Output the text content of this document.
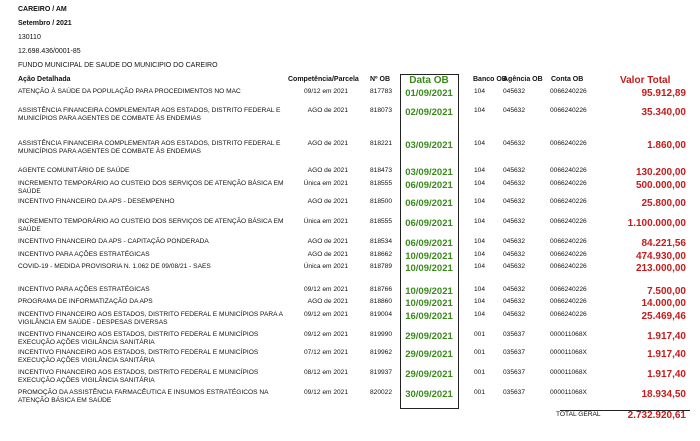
CAREIRO / AM
Setembro / 2021
130110
12.698.436/0001-85
FUNDO MUNICIPAL DE SAUDE DO MUNICIPIO DO CAREIRO
Ação Detalhada	Competência/Parcela Nº OB	Data OB	Banco OB
Agência OB Conta OB	Valor Total
ATENÇÃO À SAÚDE DA POPULAÇÃO PARA PROCEDIMENTOS NO MAC	09/12 em 2021	817783 01/09/2021	104	045632	0066240226	95.912,89
ASSISTÊNCIA FINANCEIRA COMPLEMENTAR AOS ESTADOS, DISTRITO FEDERAL E MUNICÍPIOS PARA AGENTES DE COMBATE ÀS ENDEMIAS
AGO de 2021	818073 02/09/2021	104	045632	0066240226	35.340,00
ASSISTÊNCIA FINANCEIRA COMPLEMENTAR AOS ESTADOS, DISTRITO FEDERAL E MUNICÍPIOS PARA AGENTES DE COMBATE ÀS ENDEMIAS
AGO de 2021	818221 03/09/2021	104	045632	0066240226	1.860,00
AGENTE COMUNITÁRIO DE SAÚDE	AGO de 2021	818473 03/09/2021	104	045632	0066240226	130.200,00
INCREMENTO TEMPORÁRIO AO CUSTEIO DOS SERVIÇOS DE ATENÇÃO BÁSICA EM SAÚDE
Única em 2021	818555 06/09/2021	104	045632	0066240226	500.000,00
INCENTIVO FINANCEIRO DA APS - DESEMPENHO	AGO de 2021	818500 06/09/2021	104	045632	0066240226	25.800,00
INCREMENTO TEMPORÁRIO AO CUSTEIO DOS SERVIÇOS DE ATENÇÃO BÁSICA EM SAÚDE
Única em 2021	818555 06/09/2021	104	045632	0066240226	1.100.000,00
INCENTIVO FINANCEIRO DA APS - CAPITAÇÃO PONDERADA	AGO de 2021	818534 06/09/2021	104	045632	0066240226	84.221,56
INCENTIVO PARA AÇÕES ESTRATÉGICAS	AGO de 2021	818662 10/09/2021	104	045632	0066240226	474.930,00
COVID-19 - MEDIDA PROVISORIA N. 1.062 DE 09/08/21 - SAES	Única em 2021	818789 10/09/2021	104	045632	0066240226	213.000,00
INCENTIVO PARA AÇÕES ESTRATÉGICAS	09/12 em 2021	818766 10/09/2021	104	045632	0066240226	7.500,00
PROGRAMA DE INFORMATIZAÇÃO DA APS	AGO de 2021	818860 10/09/2021	104	045632	0066240226	14.000,00
INCENTIVO FINANCEIRO AOS ESTADOS, DISTRITO FEDERAL E MUNICÍPIOS PARA A VIGILÂNCIA EM SAÚDE - DESPESAS DIVERSAS
09/12 em 2021	819004 16/09/2021	104	045632	0066240226	25.469,46
INCENTIVO FINANCEIRO AOS ESTADOS, DISTRITO FEDERAL E MUNICÍPIOS EXECUÇÃO AÇÕES VIGILÂNCIA SANITÁRIA
09/12 em 2021	819990 29/09/2021	001	035637	000011068X	1.917,40
INCENTIVO FINANCEIRO AOS ESTADOS, DISTRITO FEDERAL E MUNICÍPIOS EXECUÇÃO AÇÕES VIGILÂNCIA SANITÁRIA
07/12 em 2021	819962 29/09/2021	001	035637	000011068X	1.917,40
INCENTIVO FINANCEIRO AOS ESTADOS, DISTRITO FEDERAL E MUNICÍPIOS EXECUÇÃO AÇÕES VIGILÂNCIA SANITÁRIA
08/12 em 2021	819937 29/09/2021	001	035637	000011068X	1.917,40
PROMOÇÃO DA ASSISTÊNCIA FARMACÊUTICA E INSUMOS ESTRATÉGICOS NA ATENÇÃO BÁSICA EM SAÚDE
09/12 em 2021	820022 30/09/2021	001	035637	000011068X	18.934,50
TOTAL GERAL	2.732.920,61
